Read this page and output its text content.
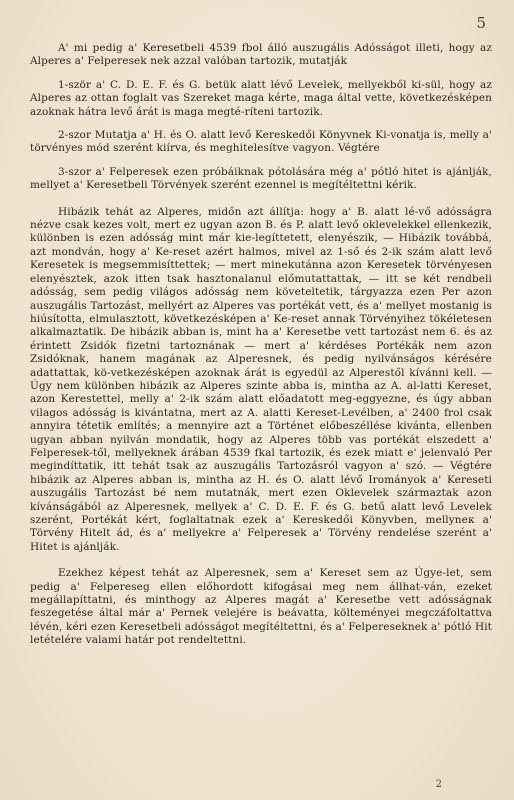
5

A' mi pedig a' Keresetbeli 4539 fbol álló auszugális Adósságot illeti, hogy az Alperes a' Felperesek nek azzal valóban tartozik, mutatják

1-ször a' C. D. E. F. és G. betük alatt lévő Levelek, mellyekből ki-sül, hogy az Alperes az ottan foglalt vas Szereket maga kérte, maga által vette, következésképen azoknak hátra levő árát is maga megté-ríteni tartozik.

2-szor Mutatja a' H. és O. alatt levő Kereskedői Könyvnek Ki-vonatja is, melly a' törvényes mód szerént kiírva, és meghitelesítve vagyon. Végtére

3-szor a' Felperesek ezen próbáiknak pótolására még a' pótló hitet is ajánlják, mellyet a' Keresetbeli Törvények szerént ezennel is megítéltettni kérik.

Hibázik tehát az Alperes, midőn azt állítja: hogy a' B. alatt lé-vő adósságra nézve csak kezes volt, mert ez ugyan azon B. és P. alatt levő oklevelekkel ellenkezik, különben is ezen adósság mint már kie-legíttetett, elenyészik, — Hibázik továbbá, azt mondván, hogy a' Ke-reset azért halmos, mivel az 1-ső és 2-ik szám alatt levő Keresetek is megsemmisíttettek; — mert minekutánna azon Keresetek törvényesen elenyésztek, azok itten tsak hasztonalanul előmutattattak, — itt se két rendbeli adósság, sem pedig világos adósság nem követeltetik, tárgyazza ezen Per azon auszugális Tartozást, mellyért az Alperes vas portékát vett, és a' mellyet mostanig is hiúsította, elmulasztott, következésképen a' Ke-reset annak Törvényihez tökéletesen alkalmaztatik. De hibázik abban is, mint ha a' Keresetbe vett tartozást nem 6. és az érintett Zsidók fizetni tartoznának — mert a' kérdéses Portékák nem azon Zsidóknak, hanem magának az Alperesnek, és pedig nyilvánságos kérésére adattattak, kö-vetkezésképen azoknak árát is egyedül az Alperestől kívánni kell. — Úgy nem különben hibázik az Alperes szinte abba is, mintha az A. al-latti Kereset, azon Kerestettel, melly a' 2-ik szám alatt előadatott meg-eggyezne, és úgy abban vilagos adósság is kivántatna, mert az A. alatti Kereset-Levélben, a' 2400 frol csak annyira tétetik említés; a mennyire azt a Történet előbeszéllése kivánta, ellenben ugyan abban nyilván mondatik, hogy az Alperes több vas portékát elszedett a' Felperesek-től, mellyeknek árában 4539 fkal tartozik, és ezek miatt e' jelenvaló Per megindíttatik, itt tehát tsak az auszugális Tartozásról vagyon a' szó. — Végtére hibázik az Alperes abban is, mintha az H. és O. alatt lévő Irományok a' Kereseti auszugális Tartozást bé nem mutatnák, mert ezen Oklevelek származtak azon kívánságából az Alperesnek, mellyek a' C. D. E. F. és G. betű alatt levő Levelek szerént, Portékát kért, foglaltatnak ezek a' Kereskedői Könyvben, mellyneк a' Törvény Hitelt ád, és a' mellyekre a' Felperesek a' Törvény rendelése szerént a' Hitet is ajánlják.

Ezekhez képest tehát az Alperesnek, sem a' Kereset sem az Úgye-let, sem pedig a' Felpereseg ellen előhordott kifogásai meg nem állhat-ván, ezeket megállapíttatni, és minthogy az Alperes magát a' Keresetbe vett adósságnak feszegetése által már a' Pernek velejére is beávatta, költeményei megczáfoltattva lévén, kéri ezen Keresetbeli adósságot megítéltettni, és a' Felpereseknek a' pótló Hit letételére valami határ pot rendeltettni.

2
